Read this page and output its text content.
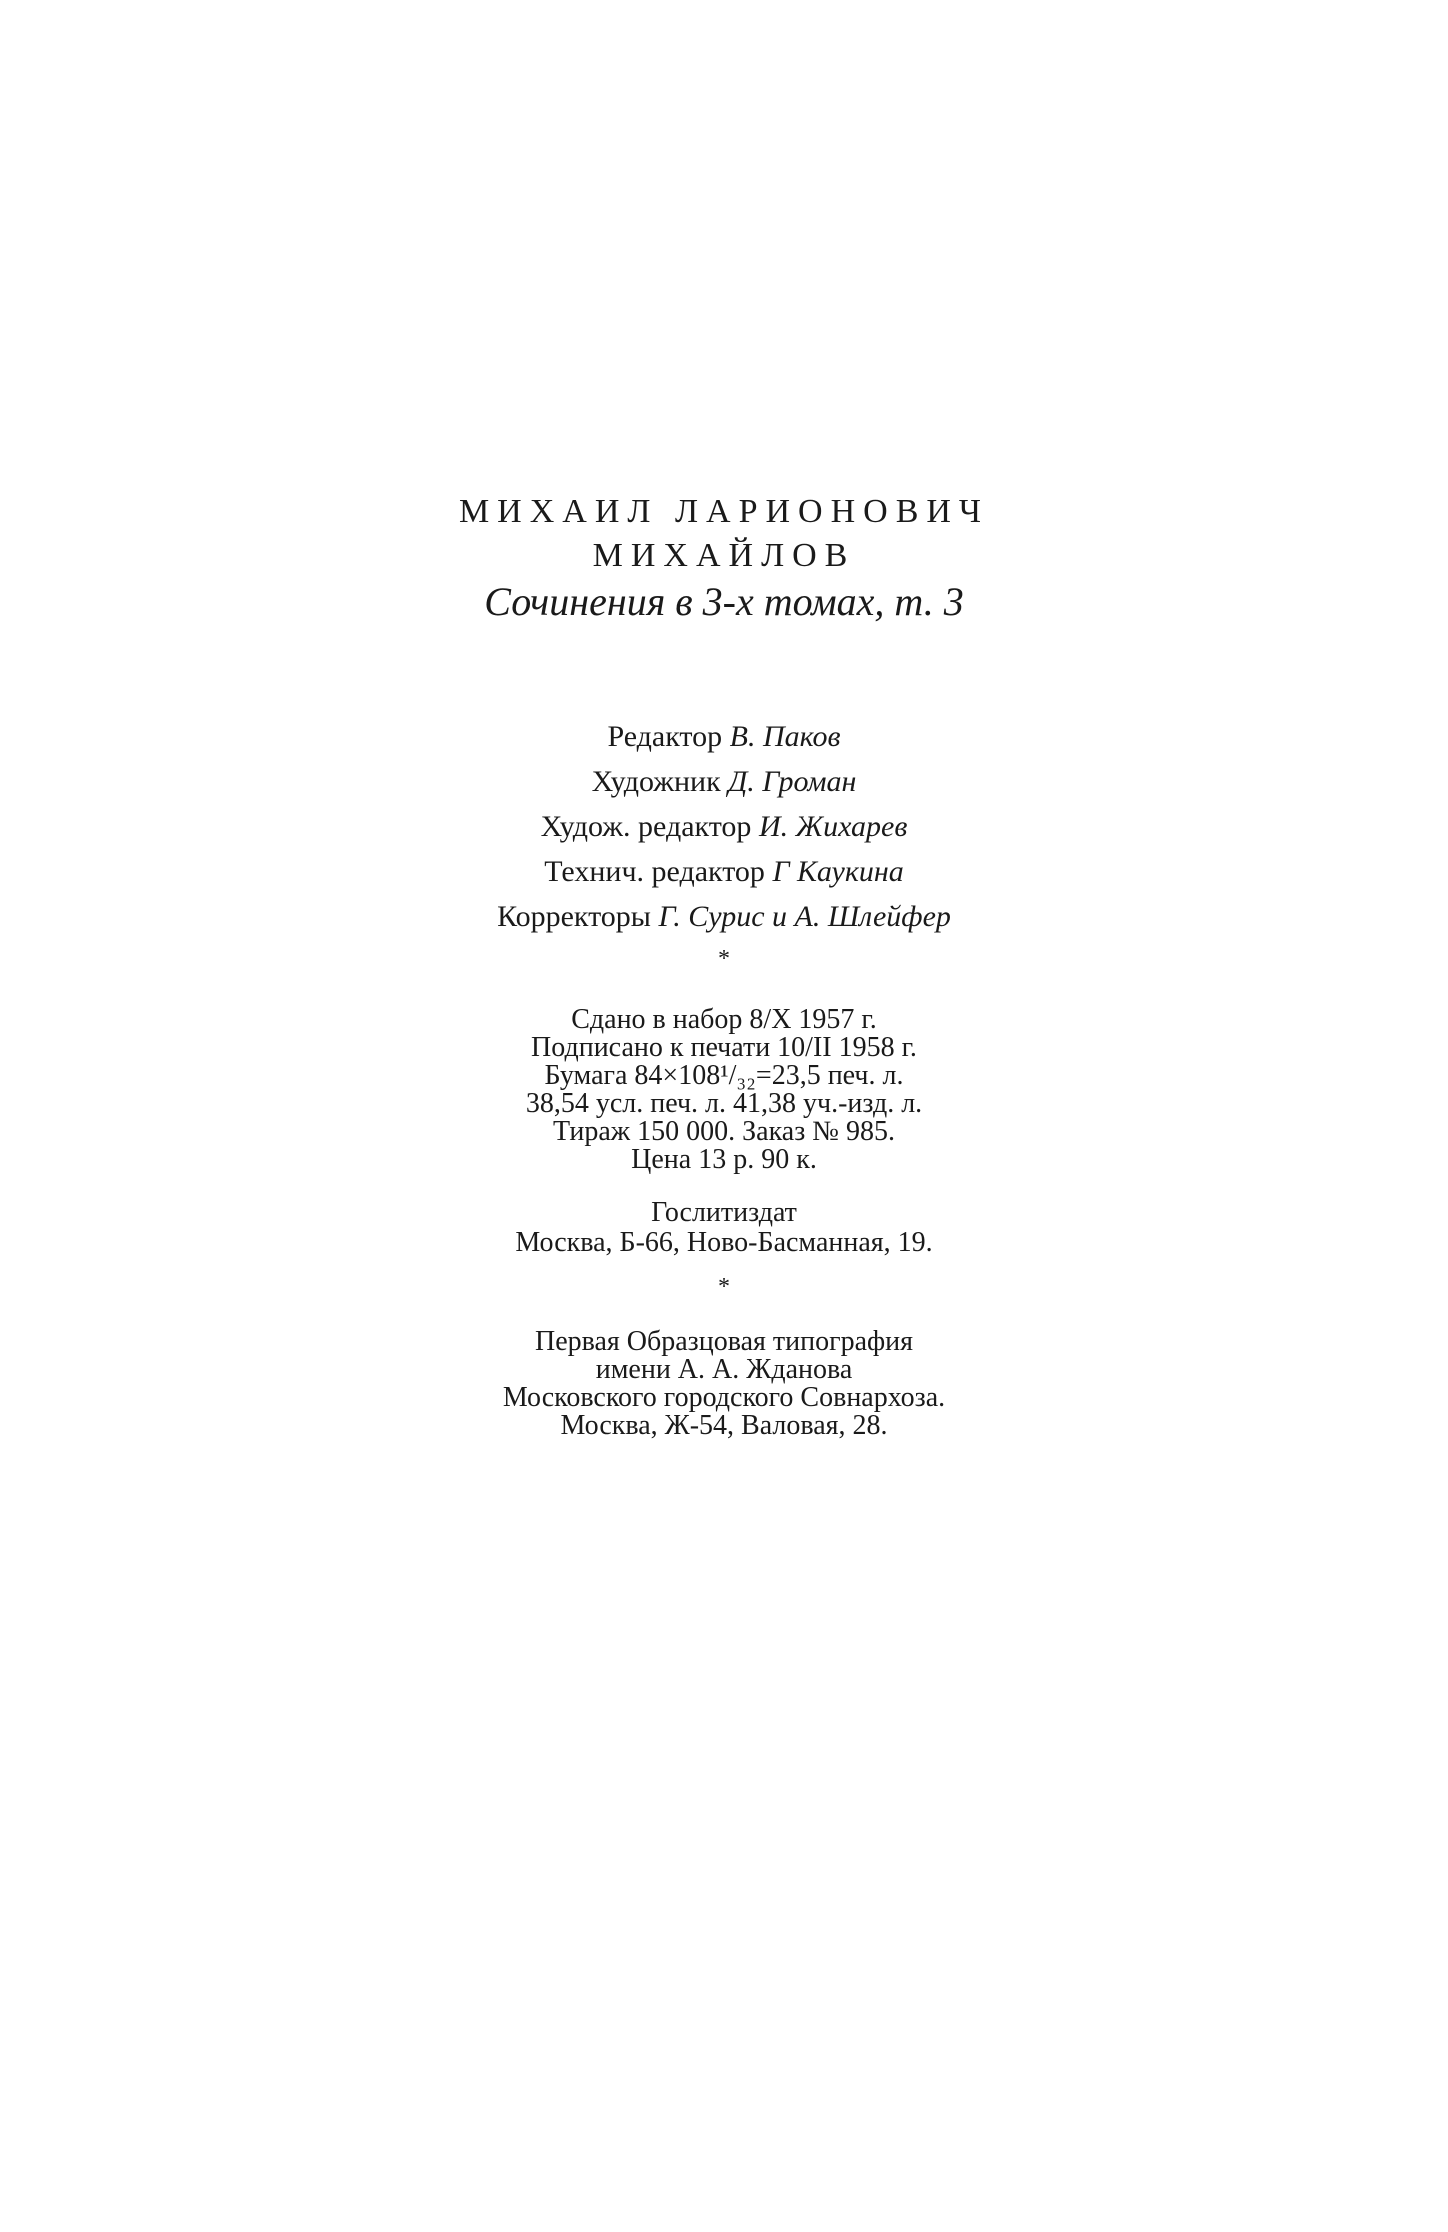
МИХАИЛ ЛАРИОНОВИЧ
МИХАЙЛОВ
Сочинения в 3-х томах, т. 3
Редактор В. Паков
Художник Д. Громан
Худож. редактор И. Жихарев
Технич. редактор Г Каукина
Корректоры Г. Сурис и А. Шлейфер
*
Сдано в набор 8/X 1957 г.
Подписано к печати 10/II 1958 г.
Бумага 84×108¹/₃₂=23,5 печ. л.
38,54 усл. печ. л. 41,38 уч.-изд. л.
Тираж 150 000. Заказ № 985.
Цена 13 р. 90 к.
Гослитиздат
Москва, Б-66, Ново-Басманная, 19.
*
Первая Образцовая типография
имени А. А. Жданова
Московского городского Совнархоза.
Москва, Ж-54, Валовая, 28.
